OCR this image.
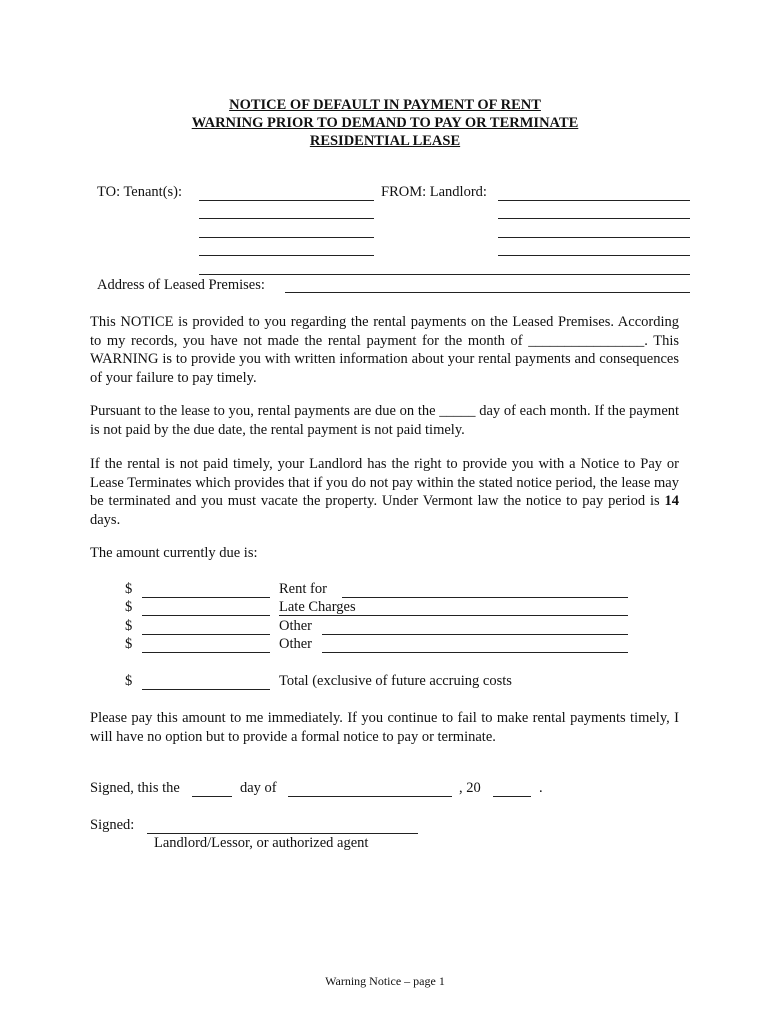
NOTICE OF DEFAULT IN PAYMENT OF RENT
WARNING PRIOR TO DEMAND TO PAY OR TERMINATE
RESIDENTIAL LEASE
TO: Tenant(s):	FROM: Landlord:
Address of Leased Premises:

This NOTICE is provided to you regarding the rental payments on the Leased Premises. According to my records, you have not made the rental payment for the month of ________________. This WARNING is to provide you with written information about your rental payments and consequences of your failure to pay timely.

Pursuant to the lease to you, rental payments are due on the _____ day of each month. If the payment is not paid by the due date, the rental payment is not paid timely.

If the rental is not paid timely, your Landlord has the right to provide you with a Notice to Pay or Lease Terminates which provides that if you do not pay within the stated notice period, the lease may be terminated and you must vacate the property. Under Vermont law the notice to pay period is 14 days.

The amount currently due is:
$	Rent for
$	Late Charges
$	Other
$	Other
$	Total (exclusive of future accruing costs

Please pay this amount to me immediately. If you continue to fail to make rental payments timely, I will have no option but to provide a formal notice to pay or terminate.

Signed, this the	day of	, 20	.
Signed:
Landlord/Lessor, or authorized agent
Warning Notice – page 1
